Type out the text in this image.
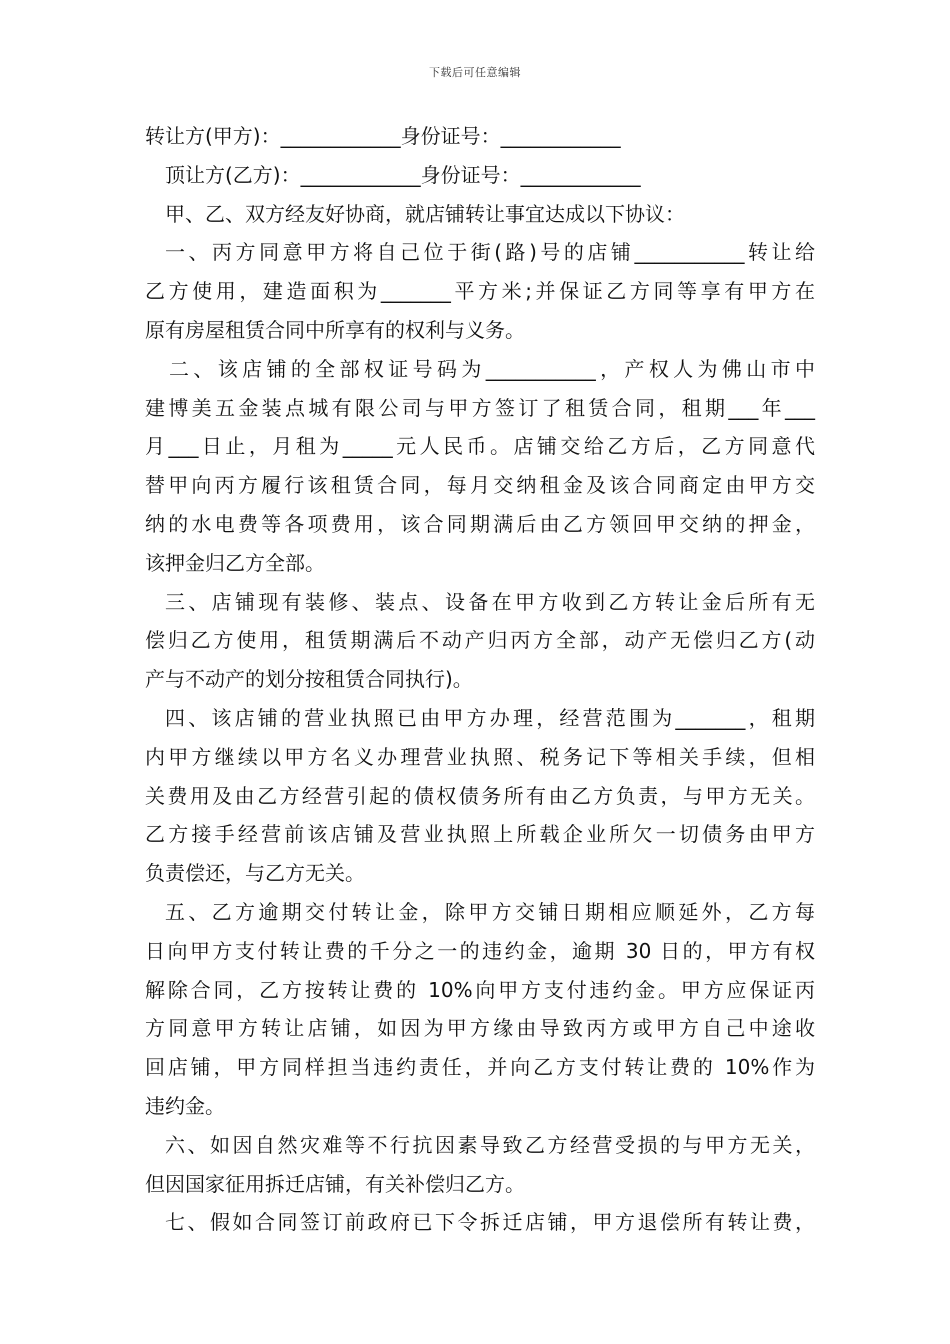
下载后可任意编辑
转让方(甲方)：____________身份证号：____________
顶让方(乙方)：____________身份证号：____________
甲、乙、双方经友好协商，就店铺转让事宜达成以下协议：
一、丙方同意甲方将自己位于街(路)号的店铺___________转让给
乙方使用，建造面积为_______平方米;并保证乙方同等享有甲方在
原有房屋租赁合同中所享有的权利与义务。
二、该店铺的全部权证号码为___________，产权人为佛山市中
建博美五金装点城有限公司与甲方签订了租赁合同，租期___年___
月___日止，月租为_____元人民币。店铺交给乙方后，乙方同意代
替甲向丙方履行该租赁合同，每月交纳租金及该合同商定由甲方交
纳的水电费等各项费用，该合同期满后由乙方领回甲交纳的押金，
该押金归乙方全部。
三、店铺现有装修、装点、设备在甲方收到乙方转让金后所有无
偿归乙方使用，租赁期满后不动产归丙方全部，动产无偿归乙方(动
产与不动产的划分按租赁合同执行)。
四、该店铺的营业执照已由甲方办理，经营范围为_______，租期
内甲方继续以甲方名义办理营业执照、税务记下等相关手续，但相
关费用及由乙方经营引起的债权债务所有由乙方负责，与甲方无关。
乙方接手经营前该店铺及营业执照上所载企业所欠一切债务由甲方
负责偿还，与乙方无关。
五、乙方逾期交付转让金，除甲方交铺日期相应顺延外，乙方每
日向甲方支付转让费的千分之一的违约金，逾期 30 日的，甲方有权
解除合同，乙方按转让费的 10%向甲方支付违约金。甲方应保证丙
方同意甲方转让店铺，如因为甲方缘由导致丙方或甲方自己中途收
回店铺，甲方同样担当违约责任，并向乙方支付转让费的 10%作为
违约金。
六、如因自然灾难等不行抗因素导致乙方经营受损的与甲方无关，
但因国家征用拆迁店铺，有关补偿归乙方。
七、假如合同签订前政府已下令拆迁店铺，甲方退偿所有转让费，
